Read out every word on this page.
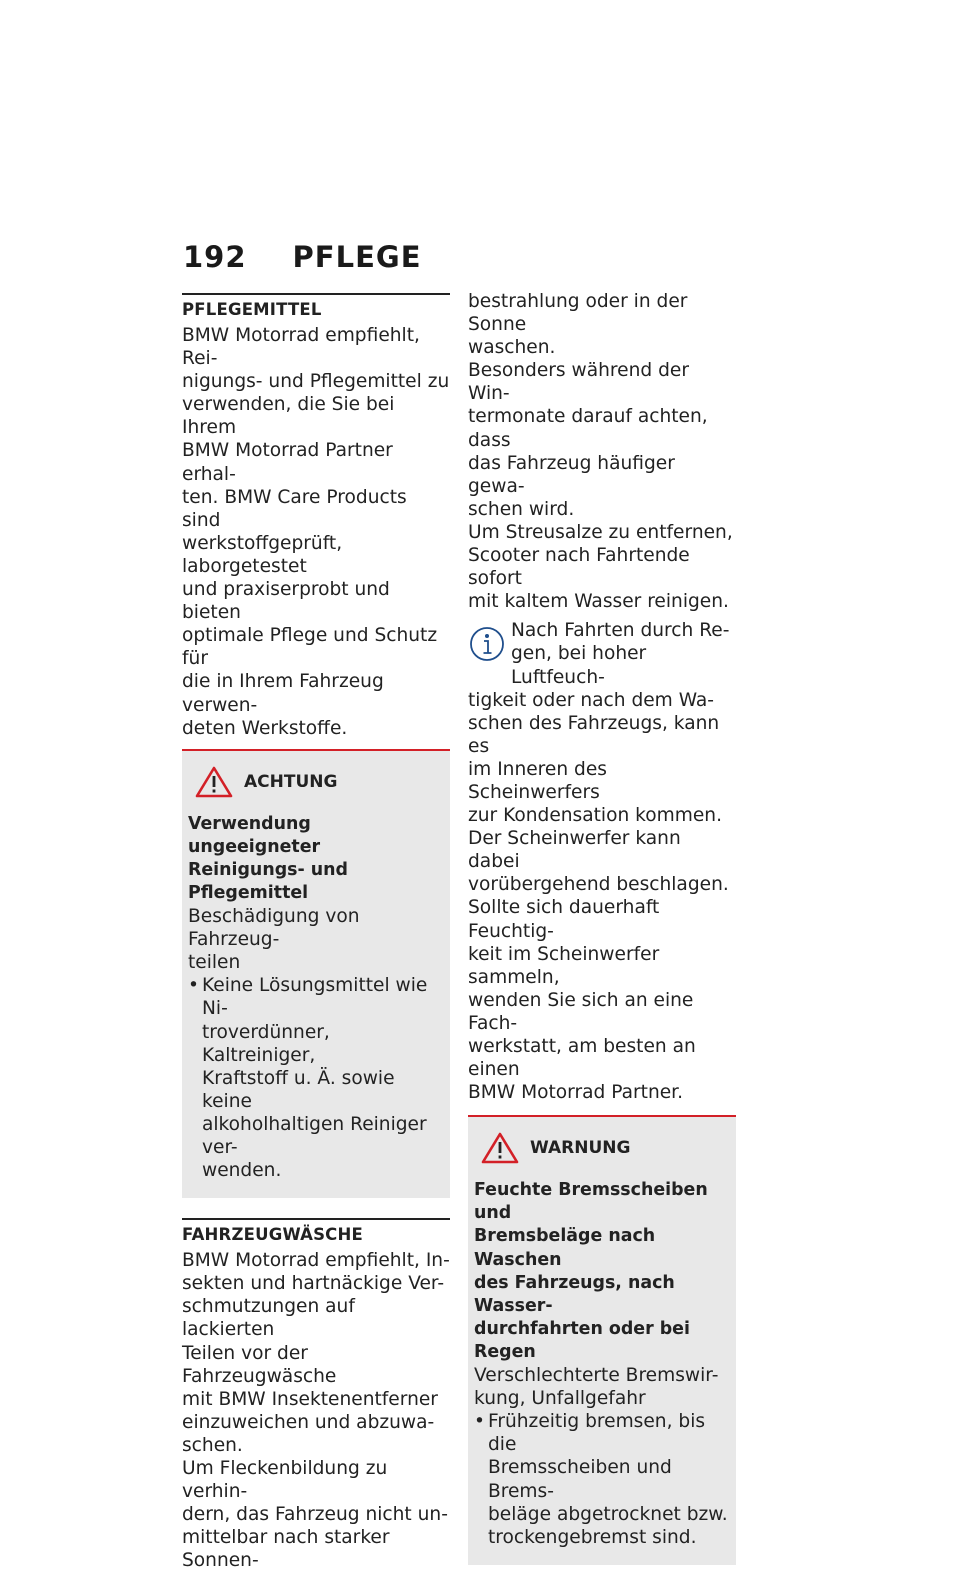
192 PFLEGE

PFLEGEMITTEL

BMW Motorrad empfiehlt, Rei-
nigungs- und Pflegemittel zu
verwenden, die Sie bei Ihrem
BMW Motorrad Partner erhal-
ten. BMW Care Products sind
werkstoffgeprüft, laborgetestet
und praxiserprobt und bieten
optimale Pflege und Schutz für
die in Ihrem Fahrzeug verwen-
deten Werkstoffe.
ACHTUNG
Verwendung ungeeigneter
Reinigungs- und Pflegemittel
Beschädigung von Fahrzeug-
teilen
• Keine Lösungsmittel wie Ni-
troverdünner, Kaltreiniger,
Kraftstoff u. Ä. sowie keine
alkoholhaltigen Reiniger ver-
wenden.

FAHRZEUGWÄSCHE

BMW Motorrad empfiehlt, In-
sekten und hartnäckige Ver-
schmutzungen auf lackierten
Teilen vor der Fahrzeugwäsche
mit BMW Insektenentferner
einzuweichen und abzuwa-
schen.
Um Fleckenbildung zu verhin-
dern, das Fahrzeug nicht un-
mittelbar nach starker Sonnen-
bestrahlung oder in der Sonne
waschen.
Besonders während der Win-
termonate darauf achten, dass
das Fahrzeug häufiger gewa-
schen wird.
Um Streusalze zu entfernen,
Scooter nach Fahrtende sofort
mit kaltem Wasser reinigen.
Nach Fahrten durch Re-
gen, bei hoher Luftfeuch-
tigkeit oder nach dem Wa-
schen des Fahrzeugs, kann es
im Inneren des Scheinwerfers
zur Kondensation kommen.
Der Scheinwerfer kann dabei
vorübergehend beschlagen.
Sollte sich dauerhaft Feuchtig-
keit im Scheinwerfer sammeln,
wenden Sie sich an eine Fach-
werkstatt, am besten an einen
BMW Motorrad Partner.
WARNUNG
Feuchte Bremsscheiben und
Bremsbeläge nach Waschen
des Fahrzeugs, nach Wasser-
durchfahrten oder bei Regen
Verschlechterte Bremswir-
kung, Unfallgefahr
• Frühzeitig bremsen, bis die
Bremsscheiben und Brems-
beläge abgetrocknet bzw.
trockengebremst sind.
